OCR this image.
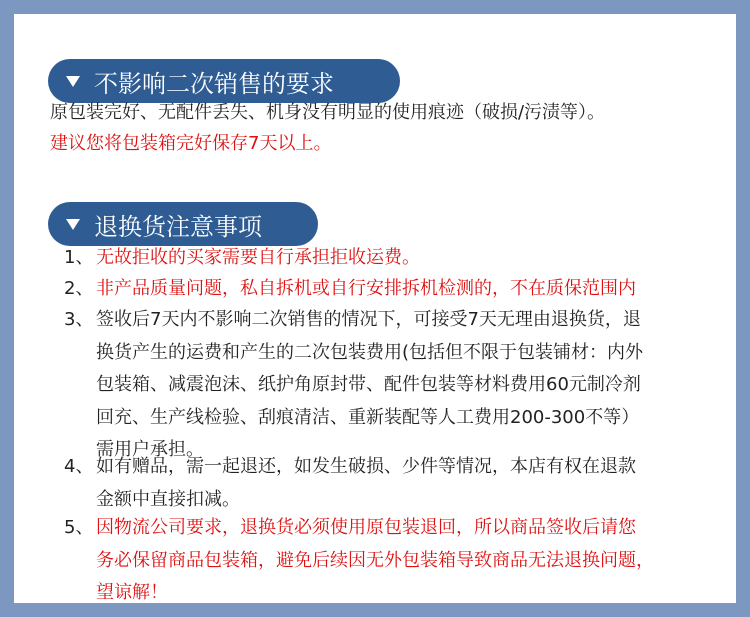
不影响二次销售的要求
原包装完好、无配件丢失、机身没有明显的使用痕迹（破损/污渍等）。
建议您将包装箱完好保存7天以上。
退换货注意事项
1、 无故拒收的买家需要自行承担拒收运费。
2、 非产品质量问题，私自拆机或自行安排拆机检测的，不在质保范围内
3、 签收后7天内不影响二次销售的情况下，可接受7天无理由退换货，退
换货产生的运费和产生的二次包装费用(包括但不限于包装铺材：内外
包装箱、减震泡沫、纸护角原封带、配件包装等材料费用60元制冷剂
回充、生产线检验、刮痕清洁、重新装配等人工费用200-300不等）
需用户承担。
4、 如有赠品，需一起退还，如发生破损、少件等情况，本店有权在退款
金额中直接扣减。
5、 因物流公司要求，退换货必须使用原包装退回，所以商品签收后请您
务必保留商品包装箱，避免后续因无外包装箱导致商品无法退换问题，
望谅解！
